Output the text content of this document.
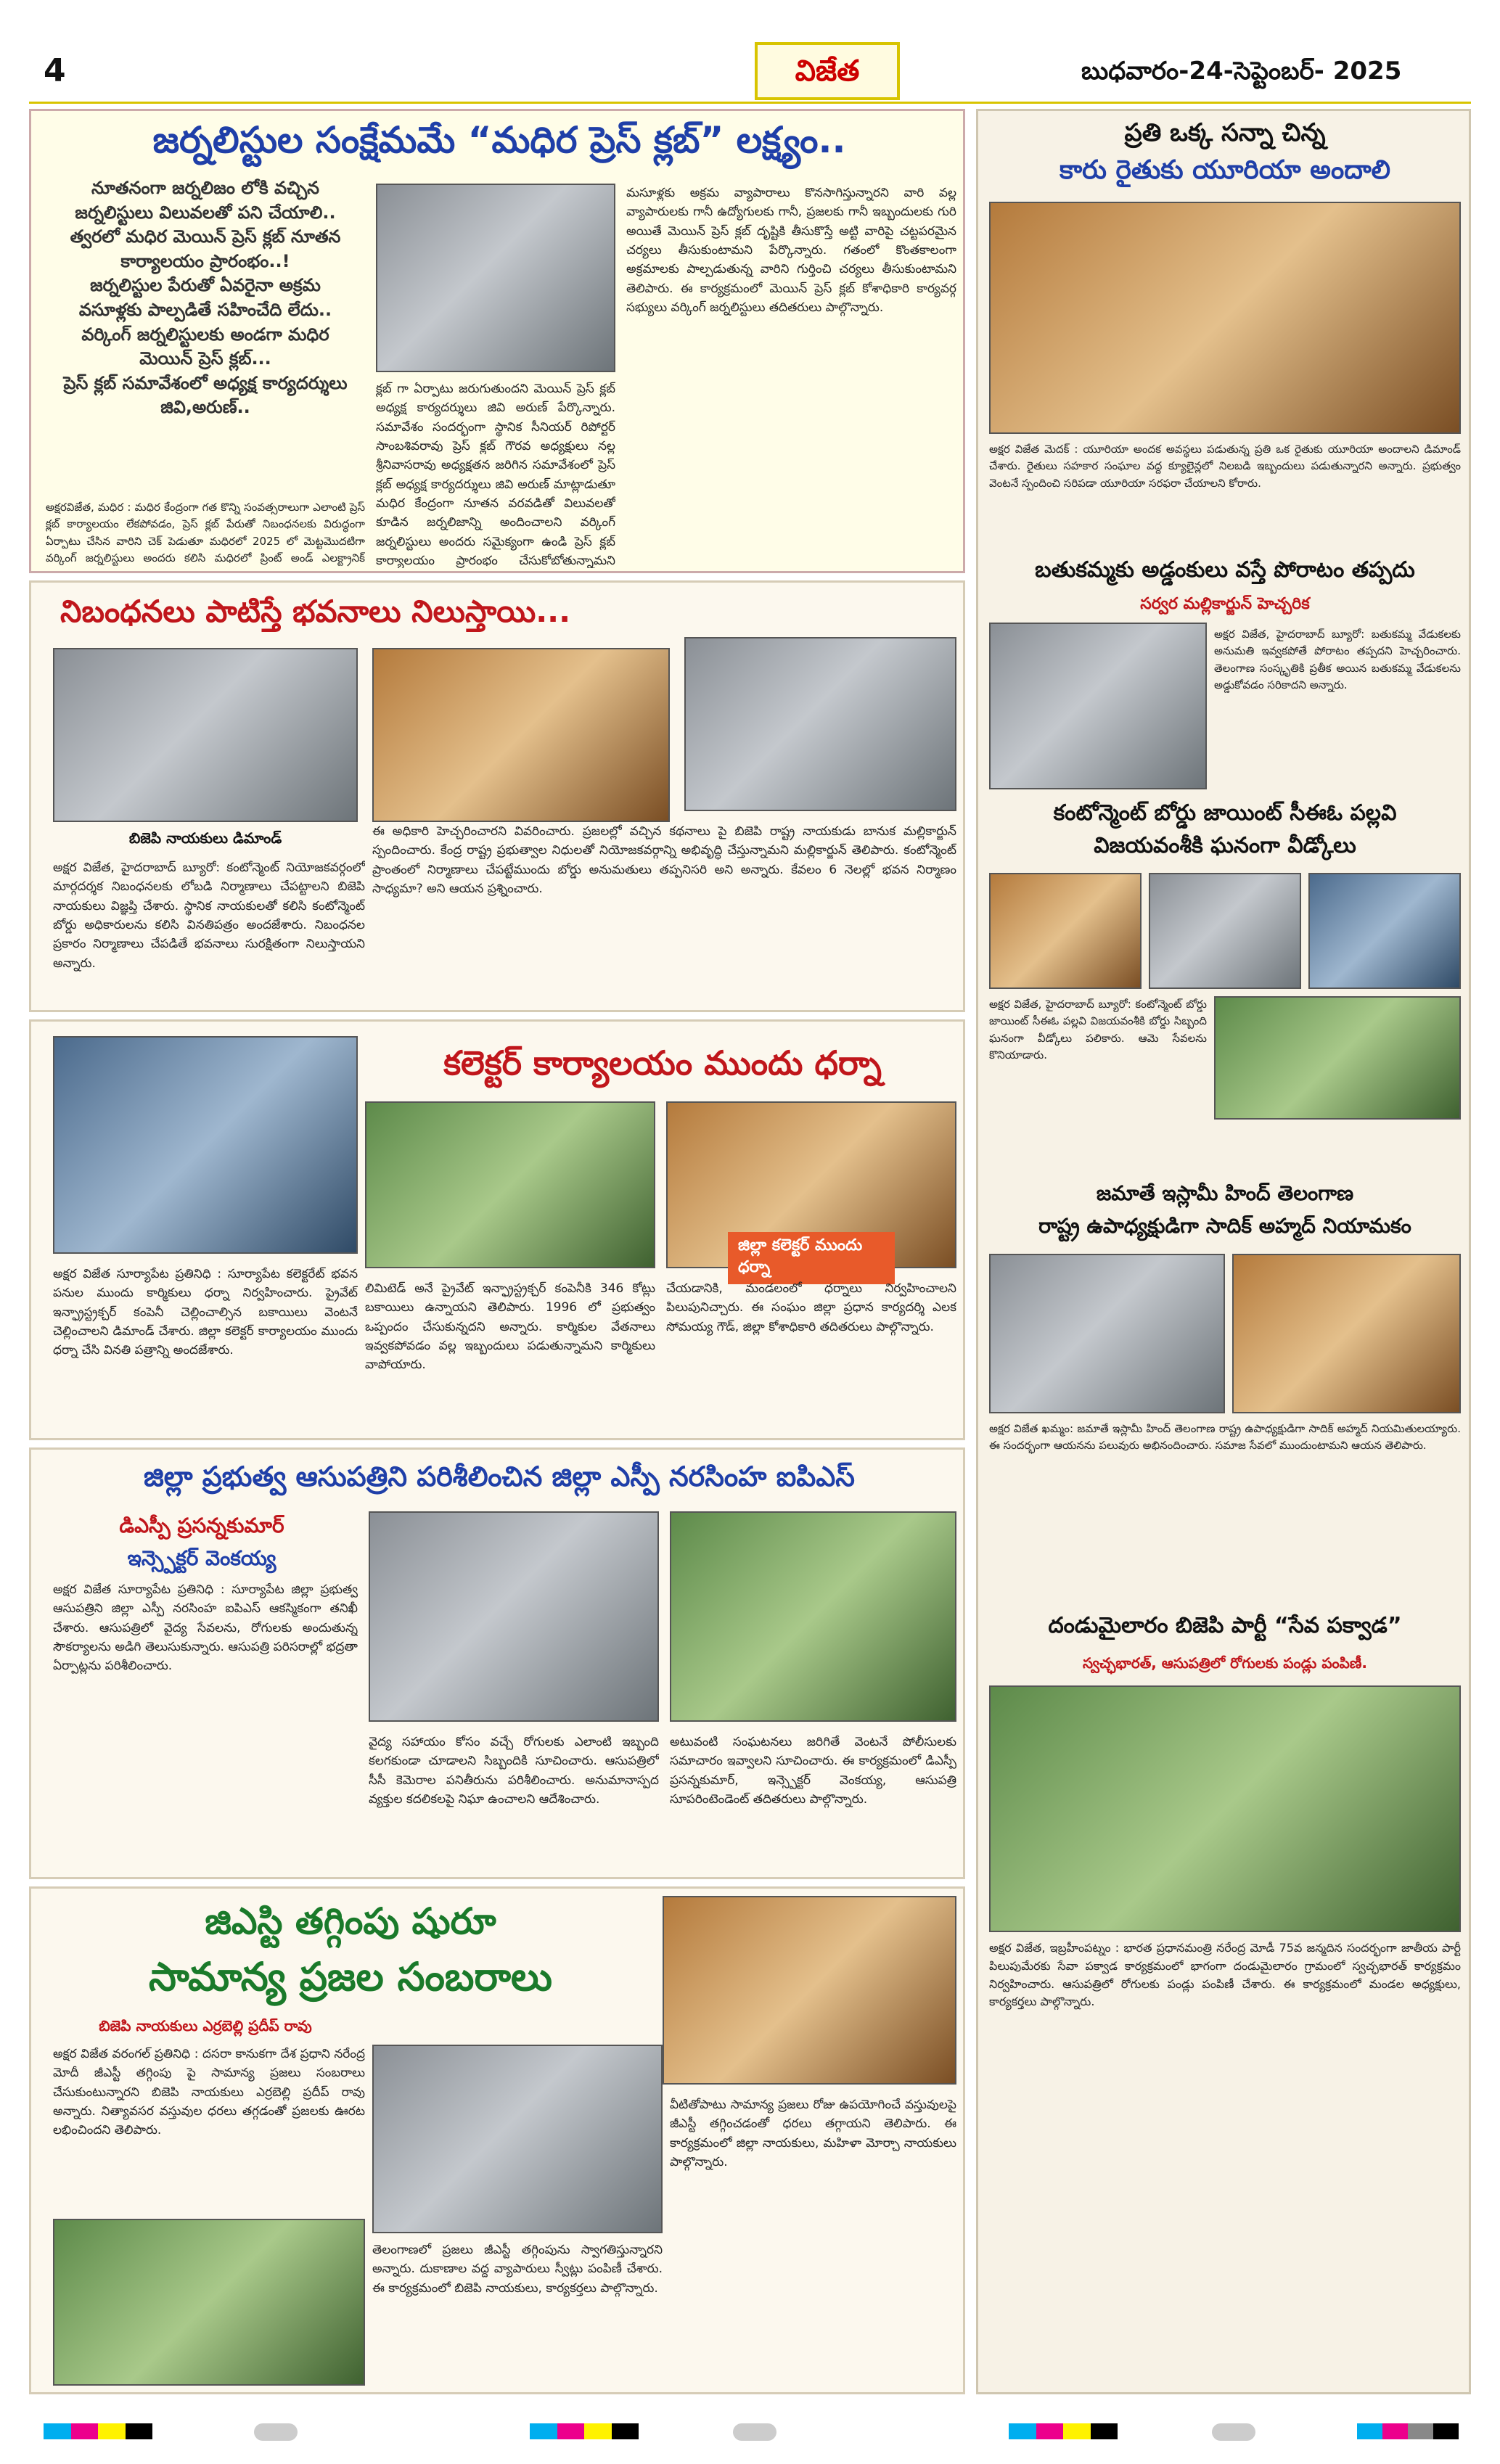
4	విజేత	బుధవారం-24-సెప్టెంబర్- 2025
జర్నలిస్టుల సంక్షేమమే “మధిర ప్రెస్ క్లబ్” లక్ష్యం..
నూతనంగా జర్నలిజం లోకి వచ్చిన
జర్నలిస్టులు విలువలతో పని చేయాలి..
త్వరలో మధిర మెయిన్ ప్రెస్ క్లబ్ నూతన
కార్యాలయం ప్రారంభం..!
జర్నలిస్టుల పేరుతో ఏవరైనా అక్రమ
వసూళ్లకు పాల్పడితే సహించేది లేదు..
వర్కింగ్ జర్నలిస్టులకు అండగా మధిర
మెయిన్ ప్రెస్ క్లబ్...
ప్రెస్ క్లబ్ సమావేశంలో అధ్యక్ష కార్యదర్శులు
జివి,అరుణ్..
అక్షరవిజేత, మధిర : మధిర కేంద్రంగా గత కొన్ని సంవత్సరాలుగా ఎలాంటి ప్రెస్ క్లబ్ కార్యాలయం లేకపోవడం, ప్రెస్ క్లబ్ పేరుతో నిబంధనలకు విరుద్ధంగా ఏర్పాటు చేసిన వారిని చెక్ పెడుతూ మధిరలో 2025 లో మెట్టమొదటిగా వర్కింగ్ జర్నలిస్టులు అందరు కలిసి మధిరలో ప్రింట్ అండ్ ఎలక్ట్రానిక్
క్లబ్ గా ఏర్పాటు జరుగుతుందని మెయిన్ ప్రెస్ క్లబ్ అధ్యక్ష కార్యదర్శులు జివి అరుణ్ పేర్కొన్నారు. సమావేశం సందర్భంగా స్థానిక సీనియర్ రిపోర్టర్ సాంబశివరావు ప్రెస్ క్లబ్ గౌరవ అధ్యక్షులు నల్ల శ్రీనివాసరావు అధ్యక్షతన జరిగిన సమావేశంలో ప్రెస్ క్లబ్ అధ్యక్ష కార్యదర్శులు జివి అరుణ్ మాట్లాడుతూ మధిర కేంద్రంగా నూతన వరవడితో విలువలతో కూడిన జర్నలిజాన్ని అందించాలని వర్కింగ్ జర్నలిస్టులు అందరు సమైక్యంగా ఉండి ప్రెస్ క్లబ్ కార్యాలయం ప్రారంభం చేసుకోబోతున్నామని
మసూళ్లకు అక్రమ వ్యాపారాలు కొనసాగిస్తున్నారని వారి వల్ల వ్యాపారులకు గానీ ఉద్యోగులకు గానీ, ప్రజలకు గానీ ఇబ్బందులకు గురి అయితే మెయిన్ ప్రెస్ క్లబ్ దృష్టికి తీసుకొస్తే అట్టి వారిపై చట్టపరమైన చర్యలు తీసుకుంటామని పేర్కొన్నారు. గతంలో కొంతకాలంగా అక్రమాలకు పాల్పడుతున్న వారిని గుర్తించి చర్యలు తీసుకుంటామని తెలిపారు. ఈ కార్యక్రమంలో మెయిన్ ప్రెస్ క్లబ్ కోశాధికారి కార్యవర్గ సభ్యులు వర్కింగ్ జర్నలిస్టులు తదితరులు పాల్గొన్నారు.
నిబంధనలు పాటిస్తే భవనాలు నిలుస్తాయి...
బిజెపి నాయకులు డిమాండ్
అక్షర విజేత, హైదరాబాద్ బ్యూరో: కంటోన్మెంట్ నియోజకవర్గంలో మార్గదర్శక నిబంధనలకు లోబడి నిర్మాణాలు చేపట్టాలని బిజెపి నాయకులు విజ్ఞప్తి చేశారు. స్థానిక నాయకులతో కలిసి కంటోన్మెంట్ బోర్డు అధికారులను కలిసి వినతిపత్రం అందజేశారు. నిబంధనల ప్రకారం నిర్మాణాలు చేపడితే భవనాలు సురక్షితంగా నిలుస్తాయని అన్నారు.
ఈ అధికారి హెచ్చరించారని వివరించారు. ప్రజలల్లో వచ్చిన కథనాలు పై బిజెపి రాష్ట్ర నాయకుడు బానుక మల్లికార్జున్ స్పందించారు. కేంద్ర రాష్ట్ర ప్రభుత్వాల నిధులతో నియోజకవర్గాన్ని అభివృద్ధి చేస్తున్నామని మల్లికార్జున్ తెలిపారు. కంటోన్మెంట్ ప్రాంతంలో నిర్మాణాలు చేపట్టేముందు బోర్డు అనుమతులు తప్పనిసరి అని అన్నారు. కేవలం 6 నెలల్లో భవన నిర్మాణం సాధ్యమా? అని ఆయన ప్రశ్నించారు.
కలెక్టర్ కార్యాలయం ముందు ధర్నా
జిల్లా కలెక్టర్ ముందు ధర్నా
అక్షర విజేత సూర్యాపేట ప్రతినిధి : సూర్యాపేట కలెక్టరేట్ భవన పనుల ముందు కార్మికులు ధర్నా నిర్వహించారు. ప్రైవేట్ ఇన్ఫ్రాస్ట్రక్చర్ కంపెనీ చెల్లించాల్సిన బకాయిలు వెంటనే చెల్లించాలని డిమాండ్ చేశారు. జిల్లా కలెక్టర్ కార్యాలయం ముందు ధర్నా చేసి వినతి పత్రాన్ని అందజేశారు.
లిమిటెడ్ అనే ప్రైవేట్ ఇన్ఫ్రాస్ట్రక్చర్ కంపెనీకి 346 కోట్లు బకాయిలు ఉన్నాయని తెలిపారు. 1996 లో ప్రభుత్వం ఒప్పందం చేసుకున్నదని అన్నారు. కార్మికుల వేతనాలు ఇవ్వకపోవడం వల్ల ఇబ్బందులు పడుతున్నామని కార్మికులు వాపోయారు.
చేయడానికి, మండలంలో ధర్నాలు నిర్వహించాలని పిలుపునిచ్చారు. ఈ సంఘం జిల్లా ప్రధాన కార్యదర్శి ఎలక సోమయ్య గౌడ్, జిల్లా కోశాధికారి తదితరులు పాల్గొన్నారు.
జిల్లా ప్రభుత్వ ఆసుపత్రిని పరిశీలించిన జిల్లా ఎస్పీ నరసింహ ఐపిఎస్
డిఎస్పీ ప్రసన్నకుమార్
ఇన్స్పెక్టర్ వెంకయ్య
అక్షర విజేత సూర్యాపేట ప్రతినిధి : సూర్యాపేట జిల్లా ప్రభుత్వ ఆసుపత్రిని జిల్లా ఎస్పీ నరసింహ ఐపిఎస్ ఆకస్మికంగా తనిఖీ చేశారు. ఆసుపత్రిలో వైద్య సేవలను, రోగులకు అందుతున్న సౌకర్యాలను అడిగి తెలుసుకున్నారు. ఆసుపత్రి పరిసరాల్లో భద్రతా ఏర్పాట్లను పరిశీలించారు.
వైద్య సహాయం కోసం వచ్చే రోగులకు ఎలాంటి ఇబ్బంది కలగకుండా చూడాలని సిబ్బందికి సూచించారు. ఆసుపత్రిలో సీసీ కెమెరాల పనితీరును పరిశీలించారు. అనుమానాస్పద వ్యక్తుల కదలికలపై నిఘా ఉంచాలని ఆదేశించారు.
అటువంటి సంఘటనలు జరిగితే వెంటనే పోలీసులకు సమాచారం ఇవ్వాలని సూచించారు. ఈ కార్యక్రమంలో డిఎస్పీ ప్రసన్నకుమార్, ఇన్స్పెక్టర్ వెంకయ్య, ఆసుపత్రి సూపరింటెండెంట్ తదితరులు పాల్గొన్నారు.
జిఎస్టి తగ్గింపు షురూ
సామాన్య ప్రజల సంబరాలు
బిజెపి నాయకులు ఎర్రబెల్లి ప్రదీప్ రావు
అక్షర విజేత వరంగల్ ప్రతినిధి : దసరా కానుకగా దేశ ప్రధాని నరేంద్ర మోదీ జీఎస్టీ తగ్గింపు పై సామాన్య ప్రజలు సంబరాలు చేసుకుంటున్నారని బిజెపి నాయకులు ఎర్రబెల్లి ప్రదీప్ రావు అన్నారు. నిత్యావసర వస్తువుల ధరలు తగ్గడంతో ప్రజలకు ఊరట లభించిందని తెలిపారు.
వీటితోపాటు సామాన్య ప్రజలు రోజు ఉపయోగించే వస్తువులపై జీఎస్టీ తగ్గించడంతో ధరలు తగ్గాయని తెలిపారు. ఈ కార్యక్రమంలో జిల్లా నాయకులు, మహిళా మోర్చా నాయకులు పాల్గొన్నారు.
తెలంగాణలో ప్రజలు జీఎస్టీ తగ్గింపును స్వాగతిస్తున్నారని అన్నారు. దుకాణాల వద్ద వ్యాపారులు స్వీట్లు పంపిణీ చేశారు. ఈ కార్యక్రమంలో బిజెపి నాయకులు, కార్యకర్తలు పాల్గొన్నారు.
ప్రతి ఒక్క సన్నా చిన్న
కారు రైతుకు యూరియా అందాలి
అక్షర విజేత మెదక్ : యూరియా అందక అవస్థలు పడుతున్న ప్రతి ఒక రైతుకు యూరియా అందాలని డిమాండ్ చేశారు. రైతులు సహకార సంఘాల వద్ద క్యూలైన్లలో నిలబడి ఇబ్బందులు పడుతున్నారని అన్నారు. ప్రభుత్వం వెంటనే స్పందించి సరిపడా యూరియా సరఫరా చేయాలని కోరారు.
బతుకమ్మకు అడ్డంకులు వస్తే పోరాటం తప్పదు
సర్వర మల్లికార్జున్ హెచ్చరిక
అక్షర విజేత, హైదరాబాద్ బ్యూరో: బతుకమ్మ వేడుకలకు అనుమతి ఇవ్వకపోతే పోరాటం తప్పదని హెచ్చరించారు. తెలంగాణ సంస్కృతికి ప్రతీక అయిన బతుకమ్మ వేడుకలను అడ్డుకోవడం సరికాదని అన్నారు.
కంటోన్మెంట్ బోర్డు జాయింట్ సీఈఓ పల్లవి
విజయవంశీకి ఘనంగా వీడ్కోలు
అక్షర విజేత, హైదరాబాద్ బ్యూరో: కంటోన్మెంట్ బోర్డు జాయింట్ సీఈఓ పల్లవి విజయవంశీకి బోర్డు సిబ్బంది ఘనంగా వీడ్కోలు పలికారు. ఆమె సేవలను కొనియాడారు.
జమాతే ఇస్లామీ హింద్ తెలంగాణ
రాష్ట్ర ఉపాధ్యక్షుడిగా సాదిక్ అహ్మద్ నియామకం
అక్షర విజేత ఖమ్మం: జమాతే ఇస్లామీ హింద్ తెలంగాణ రాష్ట్ర ఉపాధ్యక్షుడిగా సాదిక్ అహ్మద్ నియమితులయ్యారు. ఈ సందర్భంగా ఆయనను పలువురు అభినందించారు. సమాజ సేవలో ముందుంటామని ఆయన తెలిపారు.
దండుమైలారం బిజెపి పార్టీ “సేవ పక్వాడ”
స్వచ్ఛభారత్, ఆసుపత్రిలో రోగులకు పండ్లు పంపిణీ.
అక్షర విజేత, ఇబ్రహీంపట్నం : భారత ప్రధానమంత్రి నరేంద్ర మోడీ 75వ జన్మదిన సందర్భంగా జాతీయ పార్టీ పిలుపుమేరకు సేవా పక్వాడ కార్యక్రమంలో భాగంగా దండుమైలారం గ్రామంలో స్వచ్ఛభారత్ కార్యక్రమం నిర్వహించారు. ఆసుపత్రిలో రోగులకు పండ్లు పంపిణీ చేశారు. ఈ కార్యక్రమంలో మండల అధ్యక్షులు, కార్యకర్తలు పాల్గొన్నారు.
